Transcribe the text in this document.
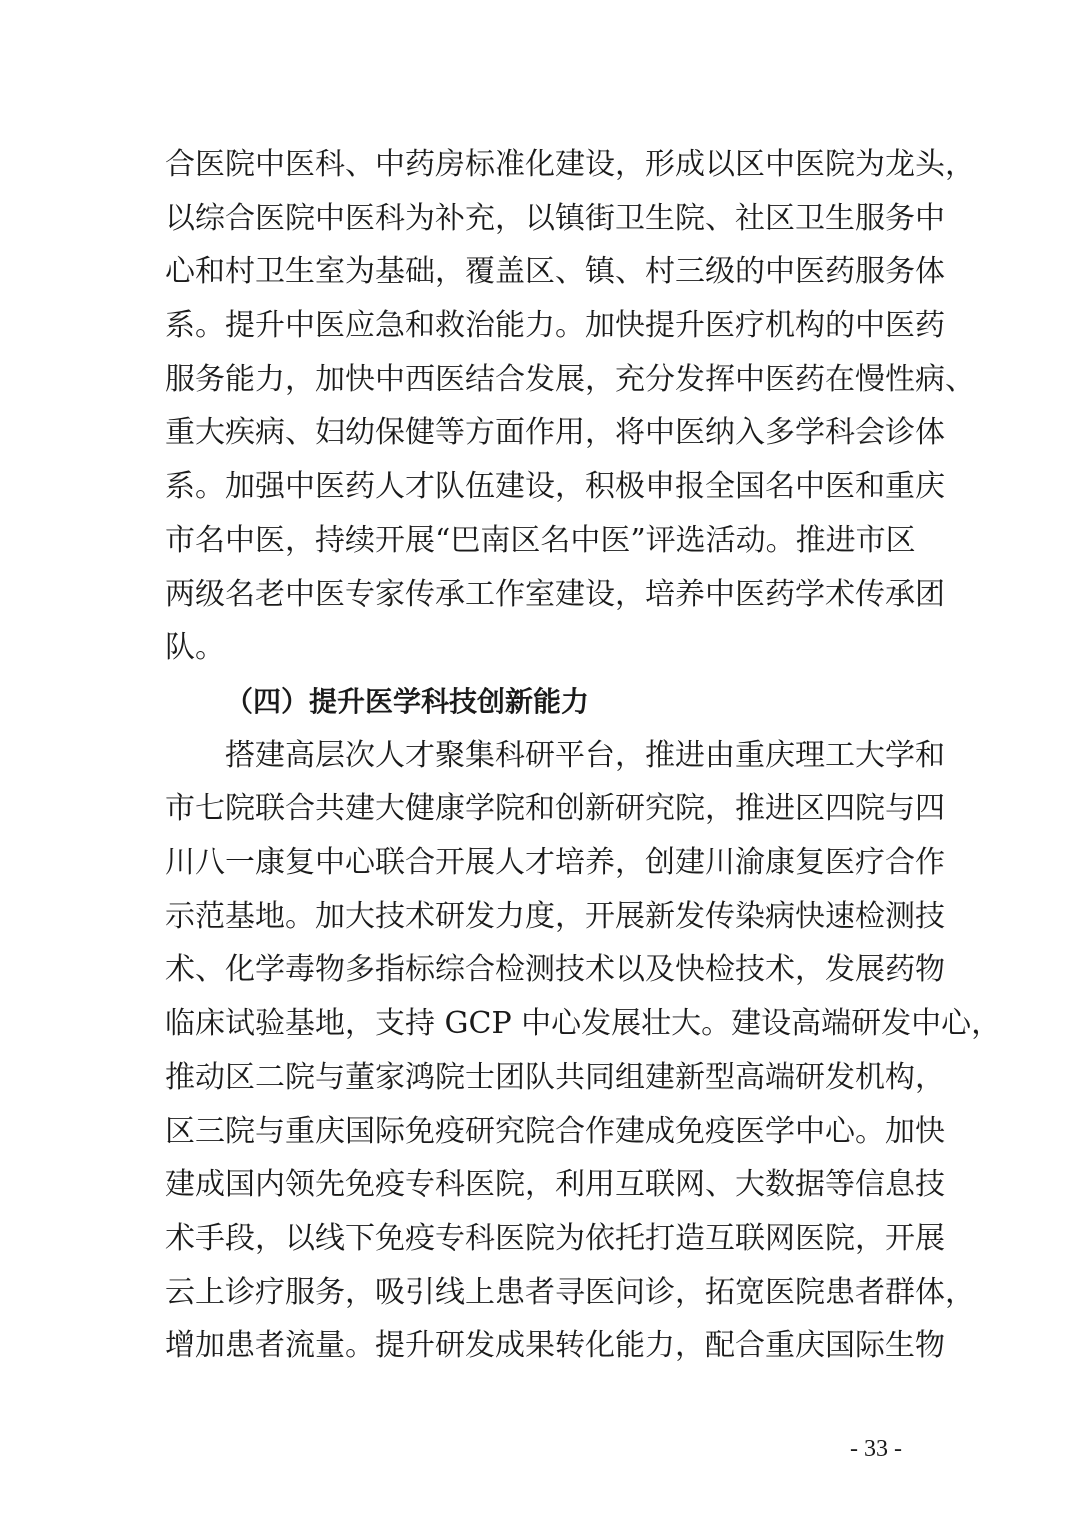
合医院中医科、中药房标准化建设，形成以区中医院为龙头，
以综合医院中医科为补充，以镇街卫生院、社区卫生服务中
心和村卫生室为基础，覆盖区、镇、村三级的中医药服务体
系。提升中医应急和救治能力。加快提升医疗机构的中医药
服务能力，加快中西医结合发展，充分发挥中医药在慢性病、
重大疾病、妇幼保健等方面作用，将中医纳入多学科会诊体
系。加强中医药人才队伍建设，积极申报全国名中医和重庆
市名中医，持续开展“巴南区名中医”评选活动。推进市区
两级名老中医专家传承工作室建设，培养中医药学术传承团
队。
（四）提升医学科技创新能力
搭建高层次人才聚集科研平台，推进由重庆理工大学和
市七院联合共建大健康学院和创新研究院，推进区四院与四
川八一康复中心联合开展人才培养，创建川渝康复医疗合作
示范基地。加大技术研发力度，开展新发传染病快速检测技
术、化学毒物多指标综合检测技术以及快检技术，发展药物
临床试验基地，支持 GCP 中心发展壮大。建设高端研发中心，
推动区二院与董家鸿院士团队共同组建新型高端研发机构，
区三院与重庆国际免疫研究院合作建成免疫医学中心。加快
建成国内领先免疫专科医院，利用互联网、大数据等信息技
术手段，以线下免疫专科医院为依托打造互联网医院，开展
云上诊疗服务，吸引线上患者寻医问诊，拓宽医院患者群体，
增加患者流量。提升研发成果转化能力，配合重庆国际生物
- 33 -
